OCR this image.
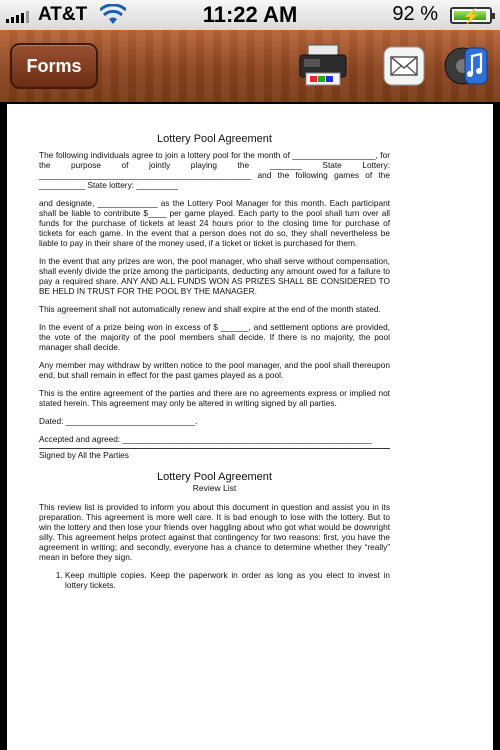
AT&T	11:22 AM	92 % ⚡
Forms
Lottery Pool Agreement

The following individuals agree to join a lottery pool for the month of __________________, for the purpose of jointly playing the _______ State Lottery: ______________________________________________ and the following games of the __________ State lottery: _________

and designate, _____________ as the Lottery Pool Manager for this month. Each participant shall be liable to contribute $____ per game played. Each party to the pool shall turn over all funds for the purchase of tickets at least 24 hours prior to the closing time for purchase of tickets for each game. In the event that a person does not do so, they shall nevertheless be liable to pay in their share of the money used, if a ticket or ticket is purchased for them.

In the event that any prizes are won, the pool manager, who shall serve without compensation, shall evenly divide the prize among the participants, deducting any amount owed for a failure to pay a required share. ANY AND ALL FUNDS WON AS PRIZES SHALL BE CONSIDERED TO BE HELD IN TRUST FOR THE POOL BY THE MANAGER.

This agreement shall not automatically renew and shall expire at the end of the month stated.

In the event of a prize being won in excess of $ ______, and settlement options are provided, the vote of the majority of the pool members shall decide. If there is no majority, the pool manager shall decide.

Any member may withdraw by written notice to the pool manager, and the pool shall thereupon end, but shall remain in effect for the past games played as a pool.

This is the entire agreement of the parties and there are no agreements express or implied not stated herein. This agreement may only be altered in writing signed by all parties.

Dated: ____________________________.
Accepted and agreed: ______________________________________________________
Signed by All the Parties
Lottery Pool Agreement
Review List

This review list is provided to inform you about this document in question and assist you in its preparation. This agreement is more well care. It is bad enough to lose with the lottery. But to win the lottery and then lose your friends over haggling about who got what would be downright silly. This agreement helps protect against that contingency for two reasons: first, you have the agreement in writing; and secondly, everyone has a chance to determine whether they “really” mean in before they sign.

1. Keep multiple copies. Keep the paperwork in order as long as you elect to invest in lottery tickets.
